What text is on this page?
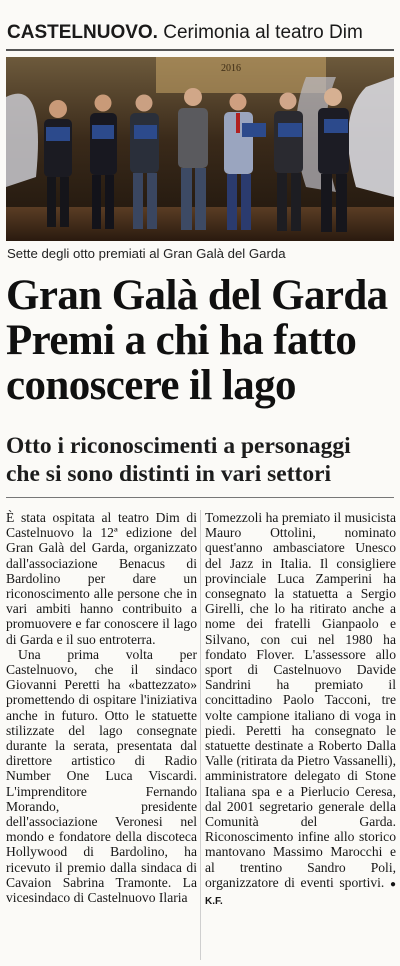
CASTELNUOVO. Cerimonia al teatro Dim
2016
Sette degli otto premiati al Gran Galà del Garda
Gran Galà del Garda
Premi a chi ha fatto
conoscere il lago
Otto i riconoscimenti a personaggi
che si sono distinti in vari settori

È stata ospitata al teatro Dim di Castelnuovo la 12ª edizione del Gran Galà del Garda, organizzato dall'associazione Benacus di Bardolino per dare un riconoscimento alle persone che in vari ambiti hanno contribuito a promuovere e far conoscere il lago di Garda e il suo entroterra.

Una prima volta per Castelnuovo, che il sindaco Giovanni Peretti ha «battezzato» promettendo di ospitare l'iniziativa anche in futuro. Otto le statuette stilizzate del lago consegnate durante la serata, presentata dal direttore artistico di Radio Number One Luca Viscardi. L'imprenditore Fernando Morando, presidente dell'associazione Veronesi nel mondo e fondatore della discoteca Hollywood di Bardolino, ha ricevuto il premio dalla sindaca di Cavaion Sabrina Tramonte. La vicesindaco di Castelnuovo Ilaria

Tomezzoli ha premiato il musicista Mauro Ottolini, nominato quest'anno ambasciatore Unesco del Jazz in Italia. Il consigliere provinciale Luca Zamperini ha consegnato la statuetta a Sergio Girelli, che lo ha ritirato anche a nome dei fratelli Gianpaolo e Silvano, con cui nel 1980 ha fondato Flover. L'assessore allo sport di Castelnuovo Davide Sandrini ha premiato il concittadino Paolo Tacconi, tre volte campione italiano di voga in piedi. Peretti ha consegnato le statuette destinate a Roberto Dalla Valle (ritirata da Pietro Vassanelli), amministratore delegato di Stone Italiana spa e a Pierlucio Ceresa, dal 2001 segretario generale della Comunità del Garda. Riconoscimento infine allo storico mantovano Massimo Marocchi e al trentino Sandro Poli, organizzatore di eventi sportivi. ● K.F.
